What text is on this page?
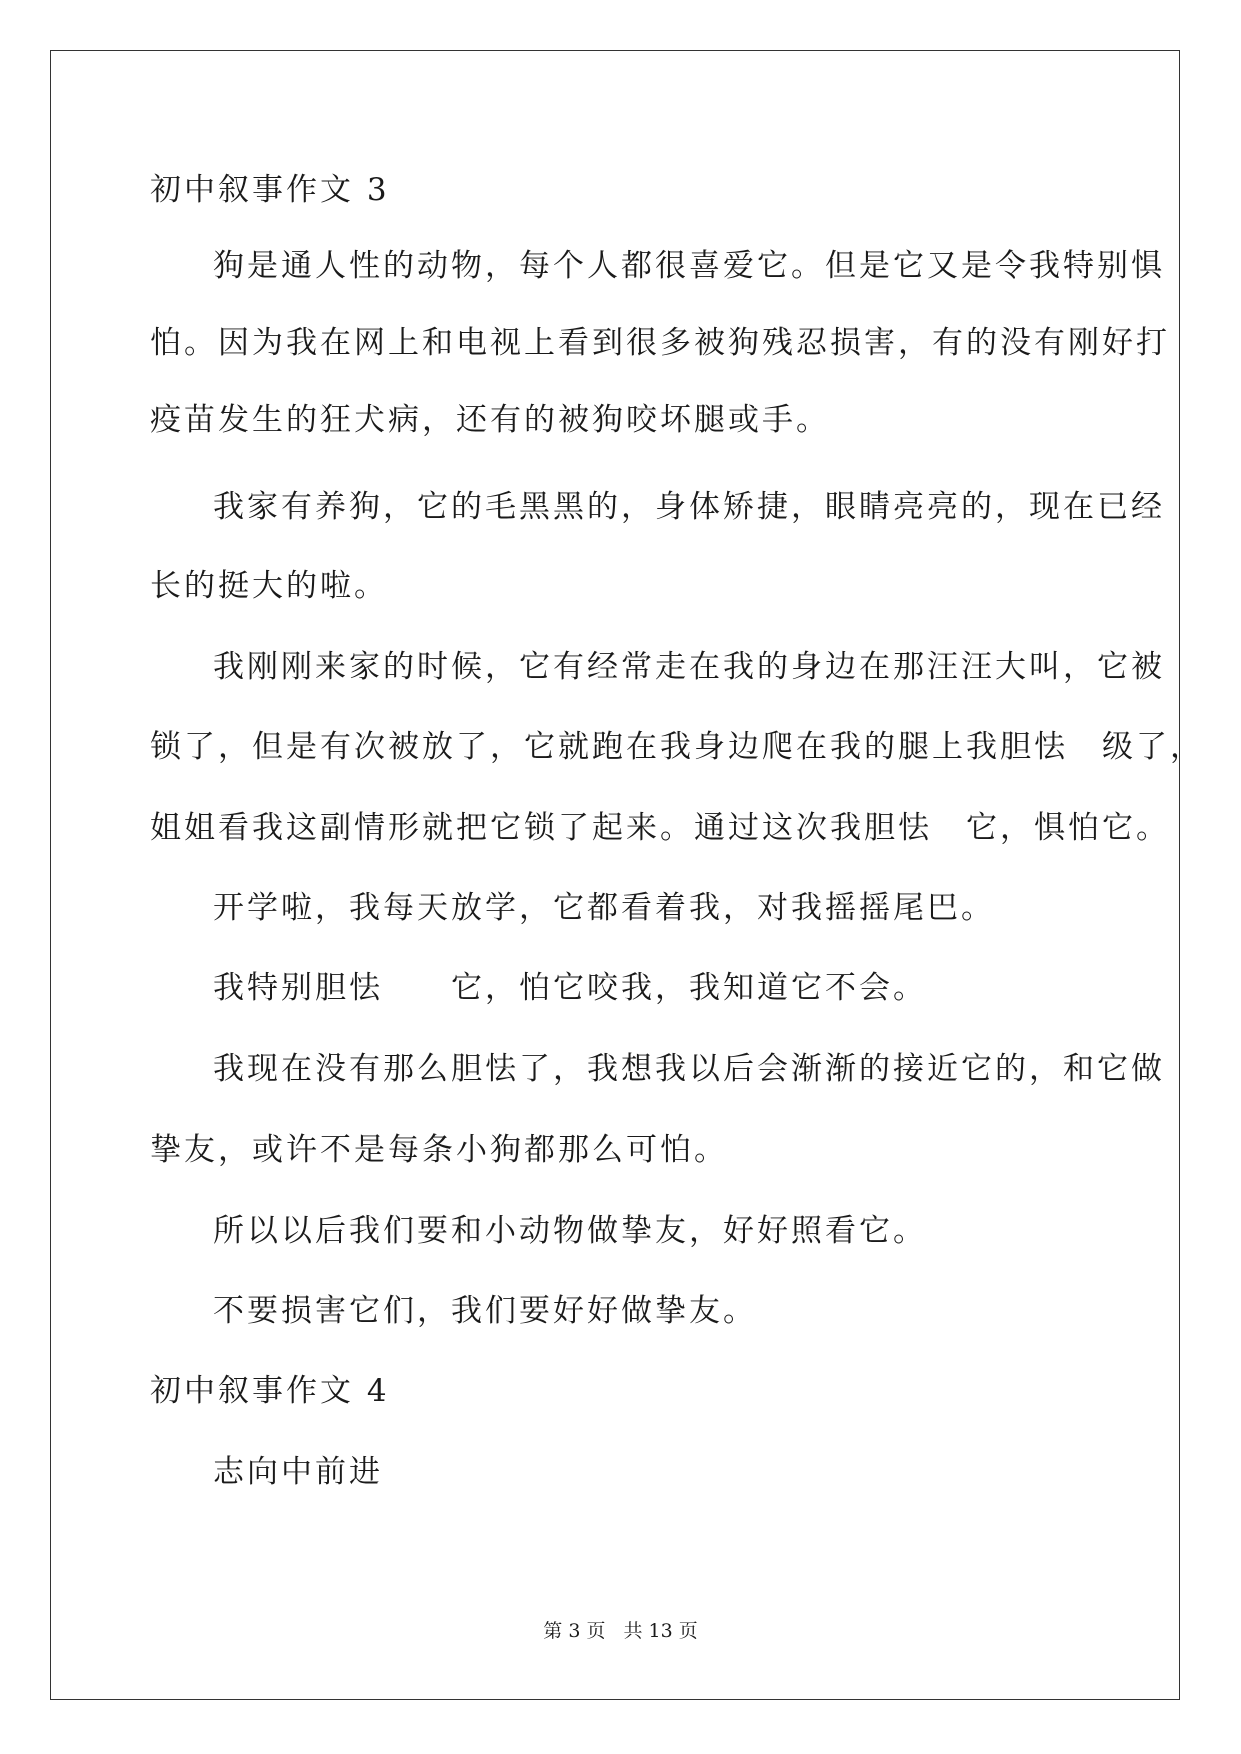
初中叙事作文 3
狗是通人性的动物，每个人都很喜爱它。但是它又是令我特别惧
怕。因为我在网上和电视上看到很多被狗残忍损害，有的没有刚好打
疫苗发生的狂犬病，还有的被狗咬坏腿或手。
我家有养狗，它的毛黑黑的，身体矫捷，眼睛亮亮的，现在已经
长的挺大的啦。
我刚刚来家的时候，它有经常走在我的身边在那汪汪大叫，它被
锁了，但是有次被放了，它就跑在我身边爬在我的腿上我胆怯　级了，
姐姐看我这副情形就把它锁了起来。通过这次我胆怯　它，惧怕它。
开学啦，我每天放学，它都看着我，对我摇摇尾巴。
我特别胆怯　　它，怕它咬我，我知道它不会。
我现在没有那么胆怯了，我想我以后会渐渐的接近它的，和它做
挚友，或许不是每条小狗都那么可怕。
所以以后我们要和小动物做挚友，好好照看它。
不要损害它们，我们要好好做挚友。
初中叙事作文 4
志向中前进
第 3 页 共 13 页
